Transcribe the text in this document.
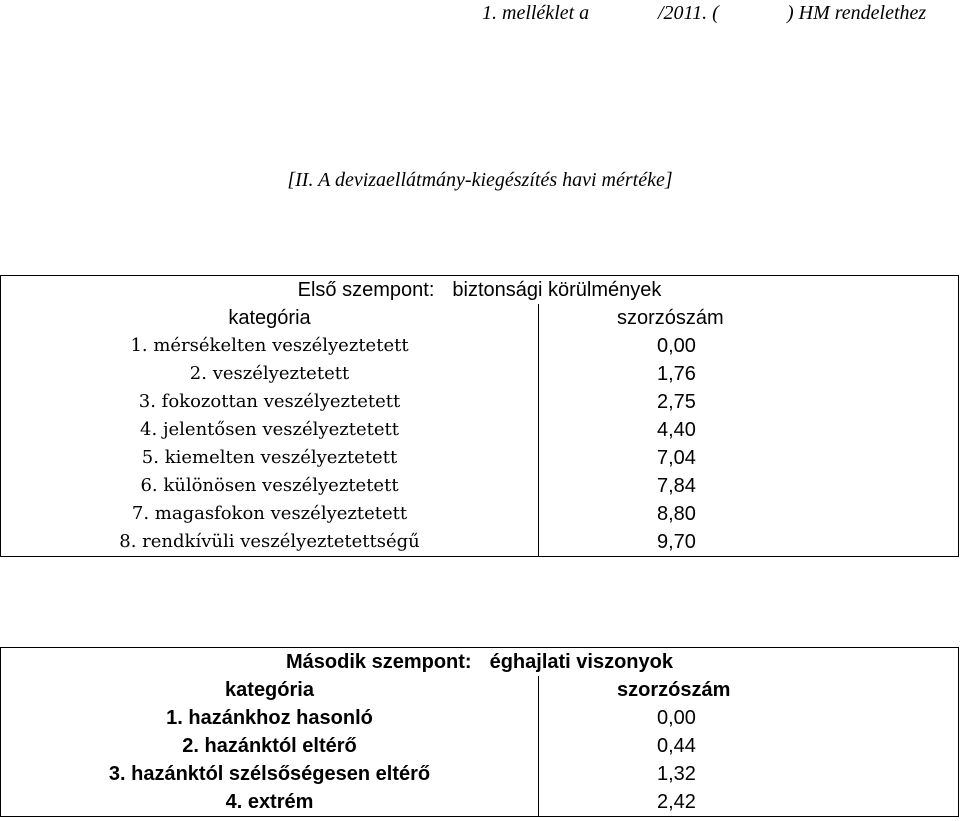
1. melléklet a	/2011. (	) HM rendelethez
[II. A devizaellátmány-kiegészítés havi mértéke]
Első szempont: biztonsági körülmények	
kategória	szorzószám
1. mérsékelten veszélyeztetett	0,00
2. veszélyeztetett	1,76
3. fokozottan veszélyeztetett	2,75
4. jelentősen veszélyeztetett	4,40
5. kiemelten veszélyeztetett	7,04
6. különösen veszélyeztetett	7,84
7. magasfokon veszélyeztetett	8,80
8. rendkívüli veszélyeztetettségű	9,70
Második szempont: éghajlati viszonyok	
kategória	szorzószám
1. hazánkhoz hasonló	0,00
2. hazánktól eltérő	0,44
3. hazánktól szélsőségesen eltérő	1,32
4. extrém	2,42
